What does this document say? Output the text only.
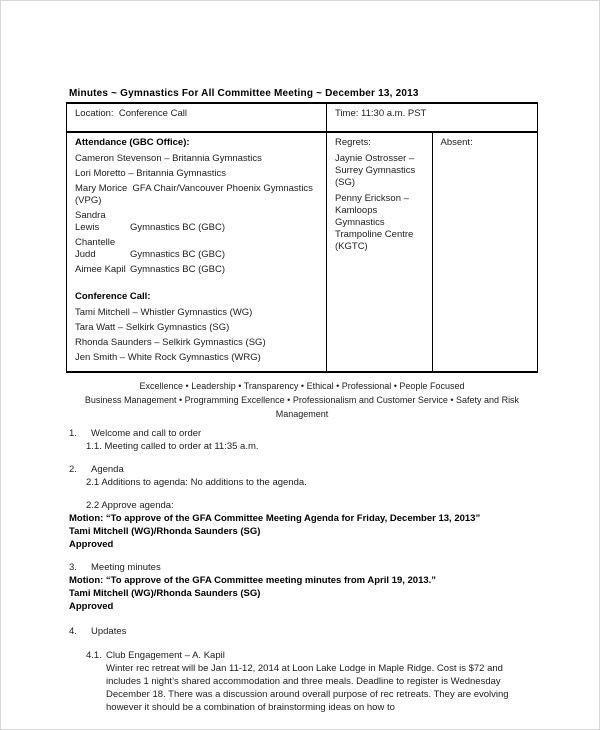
Minutes ~ Gymnastics For All Committee Meeting ~ December 13, 2013
Location:  Conference Call	Time: 11:30 a.m. PST	

Attendance (GBC Office):

Cameron Stevenson – Britannia Gymnastics

Lori Moretto – Britannia Gymnastics

Mary Morice  GFA Chair/Vancouver Phoenix Gymnastics (VPG)

Sandra Lewis	Gymnastics BC (GBC)

Chantelle Judd	Gymnastics BC (GBC)

Aimee Kapil Gymnastics BC (GBC)

Conference Call:

Tami Mitchell – Whistler Gymnastics (WG)

Tara Watt – Selkirk Gymnastics (SG)

Rhonda Saunders – Selkirk Gymnastics (SG)

Jen Smith – White Rock Gymnastics (WRG)

Regrets:

Jaynie Ostrosser – Surrey Gymnastics (SG)

Penny Erickson – Kamloops Gymnastics Trampoline Centre (KGTC)

Absent:

Excellence • Leadership • Transparency • Ethical • Professional • People Focused
Business Management • Programming Excellence • Professionalism and Customer Service • Safety and Risk Management
1.	Welcome and call to order
1.1. Meeting called to order at 11:35 a.m.
2.	Agenda
2.1 Additions to agenda: No additions to the agenda.
2.2 Approve agenda:
Motion: “To approve of the GFA Committee Meeting Agenda for Friday, December 13, 2013”
Tami Mitchell (WG)/Rhonda Saunders (SG)
Approved
3.	Meeting minutes
Motion: “To approve of the GFA Committee meeting minutes from April 19, 2013.”
Tami Mitchell (WG)/Rhonda Saunders (SG)
Approved
4.	Updates
4.1. Club Engagement – A. Kapil
Winter rec retreat will be Jan 11-12, 2014 at Loon Lake Lodge in Maple Ridge. Cost is $72 and includes 1 night’s shared accommodation and three meals. Deadline to register is Wednesday December 18. There was a discussion around overall purpose of rec retreats. They are evolving however it should be a combination of brainstorming ideas on how to
